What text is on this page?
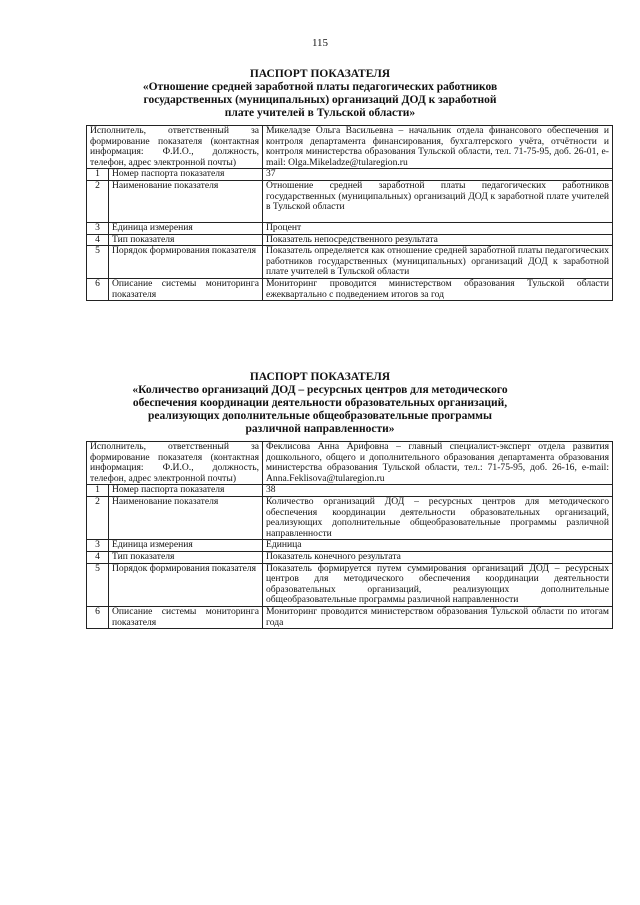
115
ПАСПОРТ ПОКАЗАТЕЛЯ
«Отношение средней заработной платы педагогических работников
государственных (муниципальных) организаций ДОД к заработной
плате учителей в Тульской области»
Исполнитель, ответственный за формирование показателя (контактная информация: Ф.И.О., должность, телефон, адрес электронной почты)		Микеладзе Ольга Васильевна – начальник отдела финансового обеспечения и контроля департамента финансирования, бухгалтерского учёта, отчётности и контроля министерства образования Тульской области, тел. 71-75-95, доб. 26-01, e-mail: Olga.Mikeladze@tularegion.ru
1	Номер паспорта показателя	37
2	Наименование показателя	Отношение средней заработной платы педагогических работников государственных (муниципальных) организаций ДОД к заработной плате учителей в Тульской области
3	Единица измерения	Процент
4	Тип показателя	Показатель непосредственного результата
5	Порядок формирования показателя	Показатель определяется как отношение средней заработной платы педагогических работников государственных (муниципальных) организаций ДОД к заработной плате учителей в Тульской области
6	Описание системы мониторинга показателя	Мониторинг проводится министерством образования Тульской области ежеквартально с подведением итогов за год
ПАСПОРТ ПОКАЗАТЕЛЯ
«Количество организаций ДОД – ресурсных центров для методического
обеспечения координации деятельности образовательных организаций,
реализующих дополнительные общеобразовательные программы
различной направленности»
Исполнитель, ответственный за формирование показателя (контактная информация: Ф.И.О., должность, телефон, адрес электронной почты)		Феклисова Анна Арифовна – главный специалист-эксперт отдела развития дошкольного, общего и дополнительного образования департамента образования министерства образования Тульской области, тел.: 71-75-95, доб. 26-16, e-mail: Anna.Feklisova@tularegion.ru
1	Номер паспорта показателя	38
2	Наименование показателя	Количество организаций ДОД – ресурсных центров для методического обеспечения координации деятельности образовательных организаций, реализующих дополнительные общеобразовательные программы различной направленности
3	Единица измерения	Единица
4	Тип показателя	Показатель конечного результата
5	Порядок формирования показателя	Показатель формируется путем суммирования организаций ДОД – ресурсных центров для методического обеспечения координации деятельности образовательных организаций, реализующих дополнительные общеобразовательные программы различной направленности
6	Описание системы мониторинга показателя	Мониторинг проводится министерством образования Тульской области по итогам года
